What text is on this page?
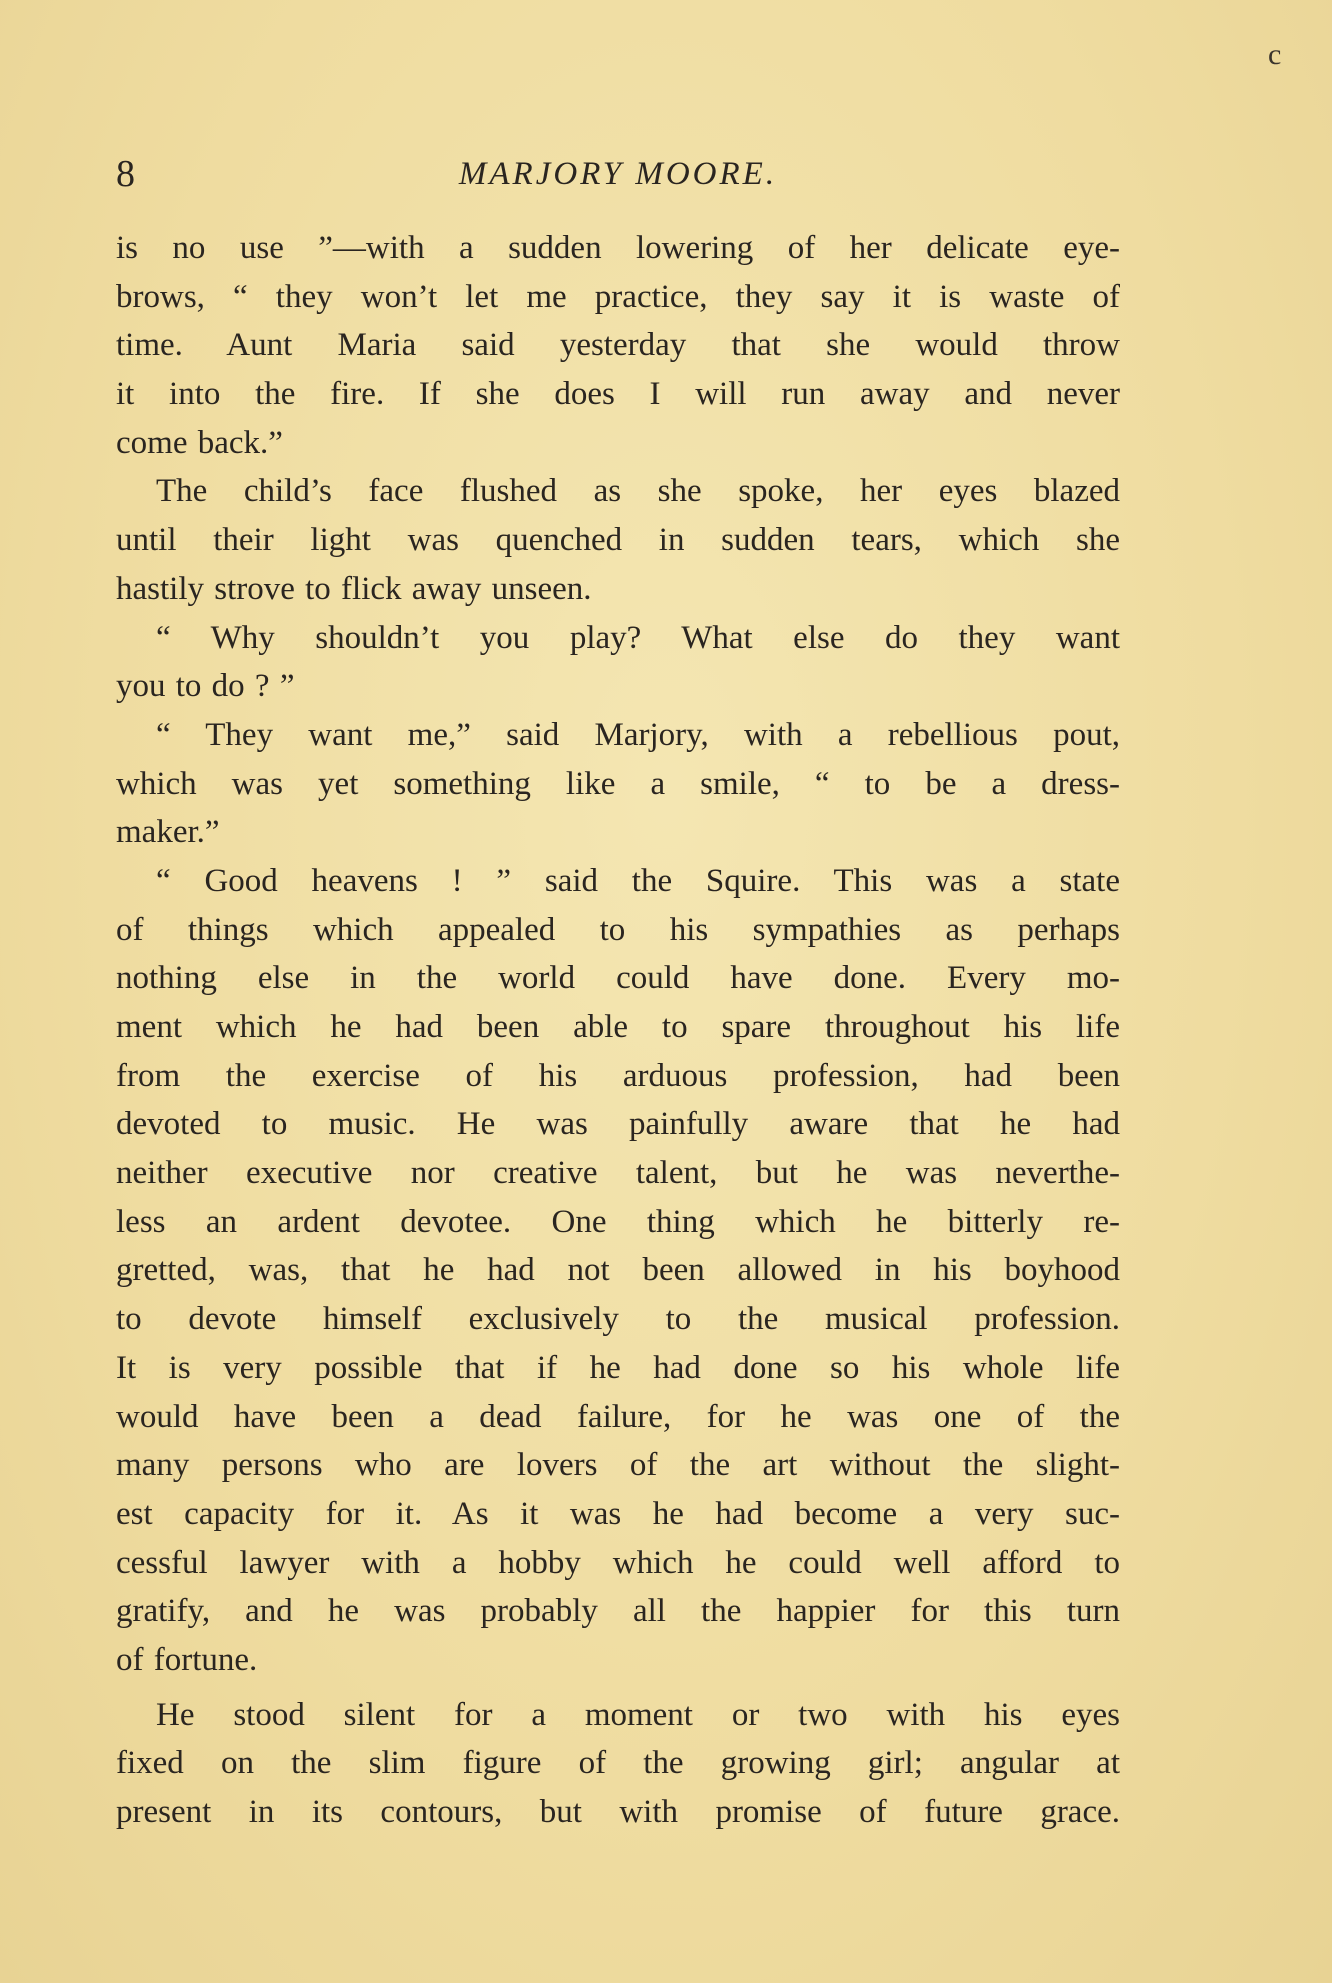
c
8	MARJORY MOORE.
is no use ”—with a sudden lowering of her delicate eye-
brows, “ they won’t let me practice, they say it is waste of
time. Aunt Maria said yesterday that she would throw
it into the fire. If she does I will run away and never
come back.”
The child’s face flushed as she spoke, her eyes blazed
until their light was quenched in sudden tears, which she
hastily strove to flick away unseen.
“ Why shouldn’t you play? What else do they want
you to do ? ”
“ They want me,” said Marjory, with a rebellious pout,
which was yet something like a smile, “ to be a dress-
maker.”
“ Good heavens ! ” said the Squire. This was a state
of things which appealed to his sympathies as perhaps
nothing else in the world could have done. Every mo-
ment which he had been able to spare throughout his life
from the exercise of his arduous profession, had been
devoted to music. He was painfully aware that he had
neither executive nor creative talent, but he was neverthe-
less an ardent devotee. One thing which he bitterly re-
gretted, was, that he had not been allowed in his boyhood
to devote himself exclusively to the musical profession.
It is very possible that if he had done so his whole life
would have been a dead failure, for he was one of the
many persons who are lovers of the art without the slight-
est capacity for it. As it was he had become a very suc-
cessful lawyer with a hobby which he could well afford to
gratify, and he was probably all the happier for this turn
of fortune.
He stood silent for a moment or two with his eyes
fixed on the slim figure of the growing girl; angular at
present in its contours, but with promise of future grace.
